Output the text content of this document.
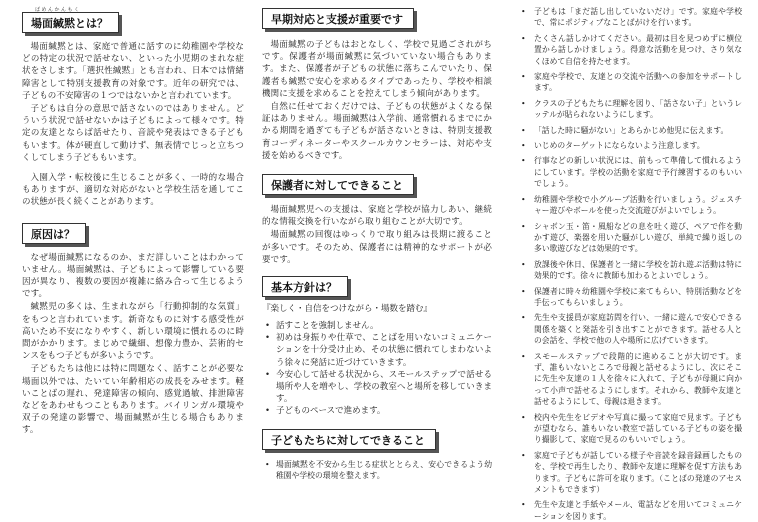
ばめんかんもく
場面緘黙とは？

場面緘黙とは、家庭で普通に話すのに幼稚園や学校などの特定の状況で話せない、といった小児期のまれな症状をさします。「選択性緘黙」とも言われ、日本では情緒障害として特別支援教育の対象です。近年の研究では、子どもの不安障害の１つではないかと言われています。

子どもは自分の意思で話さないのではありません。どういう状況で話せないかは子どもによって様々です。特定の友達とならば話せたり、音読や発表はできる子どももいます。体が硬直して動けず、無表情でじっと立ちつくしてしまう子どももいます。

入園入学・転校後に生じることが多く、一時的な場合もありますが、適切な対応がないと学校生活を通してこの状態が長く続くことがあります。

原因は？

なぜ場面緘黙になるのか、まだ詳しいことはわかっていません。場面緘黙は、子どもによって影響している要因が異なり、複数の要因が複雑に絡み合って生じるようです。

緘黙児の多くは、生まれながら「行動抑制的な気質」をもつと言われています。新奇なものに対する感受性が高いため不安になりやすく、新しい環境に慣れるのに時間がかかります。まじめで繊細、想像力豊か、芸術的センスをもつ子どもが多いようです。

子どもたちは他には特に問題なく、話すことが必要な場面以外では、たいてい年齢相応の成長をみせます。軽いことばの遅れ、発達障害の傾向、感覚過敏、排泄障害などをあわせもつこともあります。バイリンガル環境や双子の発達の影響で、場面緘黙が生じる場合もあります。

早期対応と支援が重要です

場面緘黙の子どもはおとなしく、学校で見過ごされがちです。保護者が場面緘黙に気づいていない場合もあります。また、保護者が子どもの状態に落ちこんでいたり、保護者も緘黙で安心を求めるタイプであったり、学校や相談機関に支援を求めることを控えてしまう傾向があります。

自然に任せておくだけでは、子どもの状態がよくなる保証はありません。場面緘黙は入学前、通常慣れるまでにかかる期間を過ぎても子どもが話さないときは、特別支援教育コーディネーターやスクールカウンセラーは、対応や支援を始めるべきです。

保護者に対してできること

場面緘黙児への支援は、家庭と学校が協力しあい、継続的な情報交換を行いながら取り組むことが大切です。

場面緘黙の回復はゆっくりで取り組みは長期に渡ることが多いです。そのため、保護者には精神的なサポートが必要です。

基本方針は？
『楽しく・自信をつけながら・場数を踏む』
• 話すことを強制しません。
• 初めは身振りや仕草で、ことばを用いないコミュニケーションを十分受け止め、その状態に慣れてしまわないよう徐々に発話に近づけていきます。
• 今安心して話せる状況から、スモールステップで話せる場所や人を増やし、学校の教室へと場所を移していきます。
• 子どものペースで進めます。
子どもたちに対してできること
• 場面緘黙を不安から生じる症状ととらえ、安心できるよう幼稚園や学校の環境を整えます。
• 子どもは「まだ話し出していないだけ」です。家庭や学校で、常にポジティブなことばがけを行います。
• たくさん話しかけてください。最初は目を見つめずに横位置から話しかけましょう。得意な活動を見つけ、さり気なくほめて自信を持たせます。
• 家庭や学校で、友達との交流や活動への参加をサポートします。
• クラスの子どもたちに理解を図り、「話さない子」というレッテルが貼られないようにします。
• 「話した時に騒がない」とあらかじめ他児に伝えます。
• いじめのターゲットにならないよう注意します。
• 行事などの新しい状況には、前もって準備して慣れるようにしています。学校の活動を家庭で予行練習するのもいいでしょう。
• 幼稚園や学校で小グループ活動を行いましょう。ジェスチャー遊びやボールを使った交流遊びがよいでしょう。
• シャボン玉・笛・風船などの息を吐く遊び、ペアで作を動かす遊び、楽器を用いた騒がしい遊び、単純で繰り返しの多い歌遊びなどは効果的です。
• 放課後や休日、保護者と一緒に学校を訪れ遊ぶ活動は特に効果的です。徐々に教師も加わるとよいでしょう。
• 保護者に時々幼稚園や学校に来てもらい、特別活動などを手伝ってもらいましょう。
• 先生や支援員が家庭訪問を行い、一緒に遊んで安心できる関係を築くと発話を引き出すことができます。話せる人との会話を、学校で他の人や場所に広げていきます。
• スモールステップで段階的に進めることが大切です。まず、誰もいないところで母親と話せるようにし、次にそこに先生や友達の１人を徐々に入れて、子どもが母親に向かって小声で話せるようにします。それから、教師や友達と話せるようにして、母親は退きます。
• 校内や先生をビデオや写真に撮って家庭で見ます。子どもが望むなら、誰もいない教室で話している子どもの姿を撮り撮影して、家庭で見るのもいいでしょう。
• 家庭で子どもが話している様子や音読を録音録画したものを、学校で再生したり、教師や友達に理解を促す方法もあります。子どもに許可を取ります。（ことばの発達のアセスメントもできます）
• 先生や友達と手紙やメール、電話などを用いてコミュニケーションを図ります。
